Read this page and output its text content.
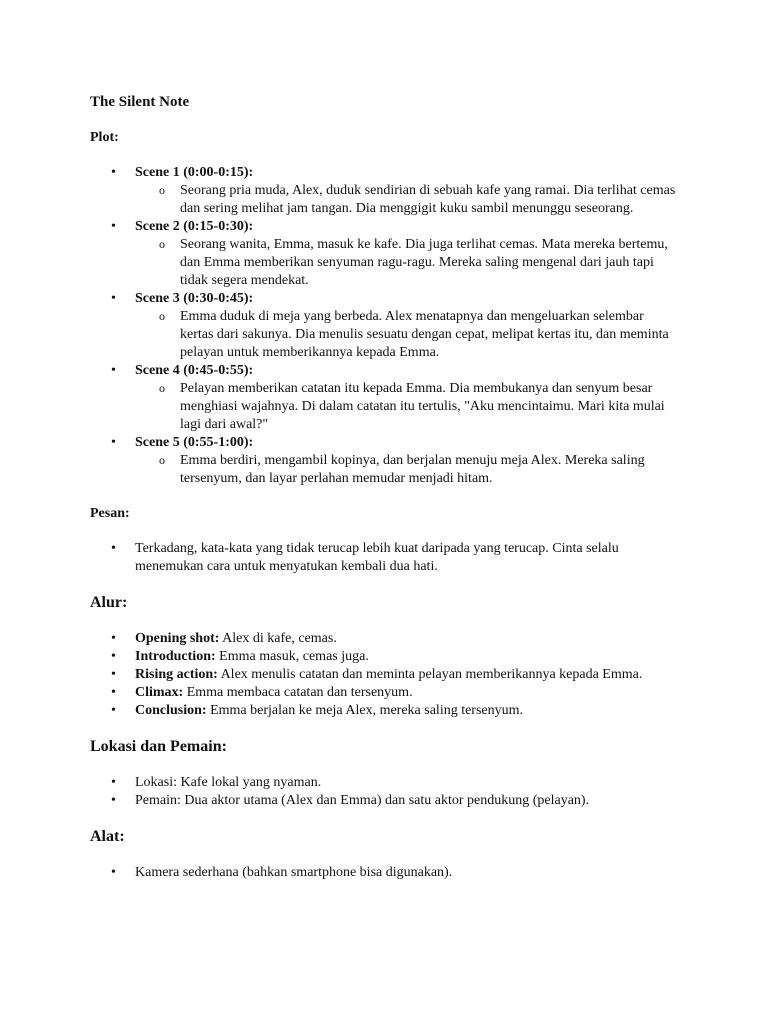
The Silent Note
Plot:
• Scene 1 (0:00-0:15):
o Seorang pria muda, Alex, duduk sendirian di sebuah kafe yang ramai. Dia terlihat cemas dan sering melihat jam tangan. Dia menggigit kuku sambil menunggu seseorang.
• Scene 2 (0:15-0:30):
o Seorang wanita, Emma, masuk ke kafe. Dia juga terlihat cemas. Mata mereka bertemu, dan Emma memberikan senyuman ragu-ragu. Mereka saling mengenal dari jauh tapi tidak segera mendekat.
• Scene 3 (0:30-0:45):
o Emma duduk di meja yang berbeda. Alex menatapnya dan mengeluarkan selembar kertas dari sakunya. Dia menulis sesuatu dengan cepat, melipat kertas itu, dan meminta pelayan untuk memberikannya kepada Emma.
• Scene 4 (0:45-0:55):
o Pelayan memberikan catatan itu kepada Emma. Dia membukanya dan senyum besar menghiasi wajahnya. Di dalam catatan itu tertulis, "Aku mencintaimu. Mari kita mulai lagi dari awal?"
• Scene 5 (0:55-1:00):
o Emma berdiri, mengambil kopinya, dan berjalan menuju meja Alex. Mereka saling tersenyum, dan layar perlahan memudar menjadi hitam.
Pesan:
• Terkadang, kata-kata yang tidak terucap lebih kuat daripada yang terucap. Cinta selalu menemukan cara untuk menyatukan kembali dua hati.
Alur:
• Opening shot: Alex di kafe, cemas.
• Introduction: Emma masuk, cemas juga.
• Rising action: Alex menulis catatan dan meminta pelayan memberikannya kepada Emma.
• Climax: Emma membaca catatan dan tersenyum.
• Conclusion: Emma berjalan ke meja Alex, mereka saling tersenyum.
Lokasi dan Pemain:
• Lokasi: Kafe lokal yang nyaman.
• Pemain: Dua aktor utama (Alex dan Emma) dan satu aktor pendukung (pelayan).
Alat:
• Kamera sederhana (bahkan smartphone bisa digunakan).
